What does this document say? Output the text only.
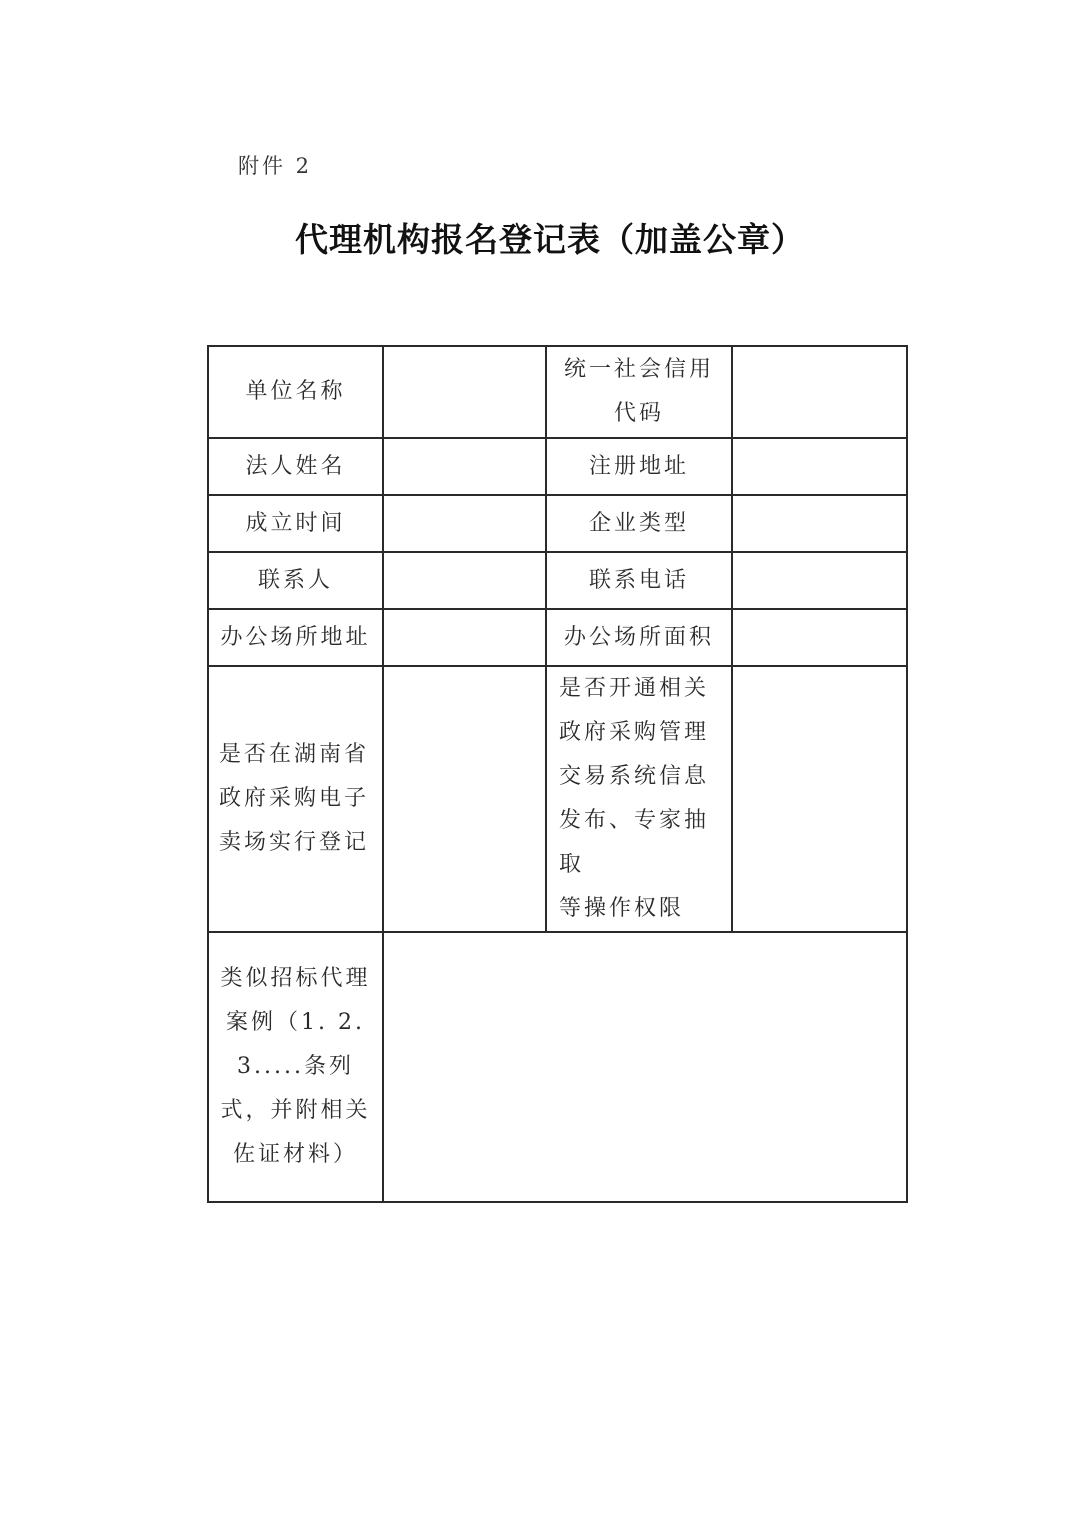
附件 2
代理机构报名登记表（加盖公章）
单位名称		统一社会信用
代码	

法人姓名		注册地址	
成立时间		企业类型	
联系人		联系电话	
办公场所地址		办公场所面积	

是否在湖南省
政府采购电子
卖场实行登记		是否开通相关
政府采购管理
交易系统信息
发布、专家抽取
等操作权限	

类似招标代理
案例（1. 2.
3.....条列
式，并附相关
佐证材料）			
